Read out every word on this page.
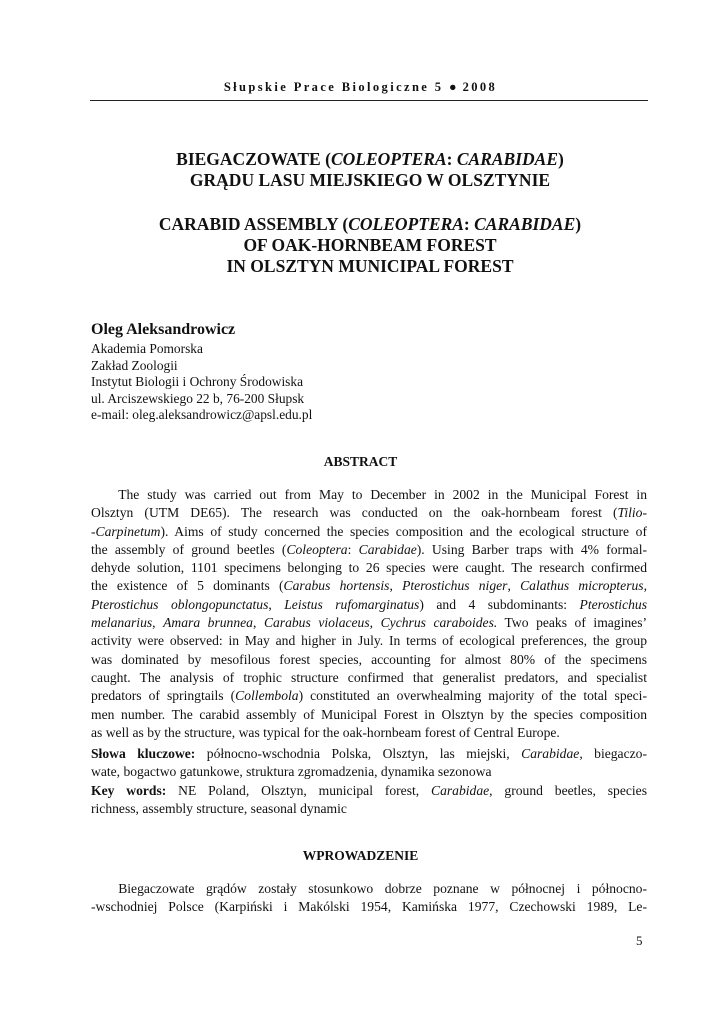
Słupskie Prace Biologiczne 5 ● 2008
BIEGACZOWATE (COLEOPTERA: CARABIDAE)
GRĄDU LASU MIEJSKIEGO W OLSZTYNIE
CARABID ASSEMBLY (COLEOPTERA: CARABIDAE)
OF OAK-HORNBEAM FOREST
IN OLSZTYN MUNICIPAL FOREST
Oleg Aleksandrowicz
Akademia Pomorska
Zakład Zoologii
Instytut Biologii i Ochrony Środowiska
ul. Arciszewskiego 22 b, 76-200 Słupsk
e-mail: oleg.aleksandrowicz@apsl.edu.pl
ABSTRACT
  The study was carried out from May to December in 2002 in the Municipal Forest in
Olsztyn (UTM DE65). The research was conducted on the oak-hornbeam forest (Tilio-
-Carpinetum). Aims of study concerned the species composition and the ecological structure of
the assembly of ground beetles (Coleoptera: Carabidae). Using Barber traps with 4% formal-
dehyde solution, 1101 specimens belonging to 26 species were caught. The research confirmed
the existence of 5 dominants (Carabus hortensis, Pterostichus niger, Calathus micropterus,
Pterostichus oblongopunctatus, Leistus rufomarginatus) and 4 subdominants: Pterostichus
melanarius, Amara brunnea, Carabus violaceus, Cychrus caraboides. Two peaks of imagines’
activity were observed: in May and higher in July. In terms of ecological preferences, the group
was dominated by mesofilous forest species, accounting for almost 80% of the specimens
caught. The analysis of trophic structure confirmed that generalist predators, and specialist
predators of springtails (Collembola) constituted an overwhealming majority of the total speci-
men number. The carabid assembly of Municipal Forest in Olsztyn by the species composition
as well as by the structure, was typical for the oak-hornbeam forest of Central Europe.
Słowa kluczowe: północno-wschodnia Polska, Olsztyn, las miejski, Carabidae, biegaczo-
wate, bogactwo gatunkowe, struktura zgromadzenia, dynamika sezonowa
Key words: NE Poland, Olsztyn, municipal forest, Carabidae, ground beetles, species
richness, assembly structure, seasonal dynamic
WPROWADZENIE
  Biegaczowate grądów zostały stosunkowo dobrze poznane w północnej i północno-
-wschodniej Polsce (Karpiński i Makólski 1954, Kamińska 1977, Czechowski 1989, Le-
5
